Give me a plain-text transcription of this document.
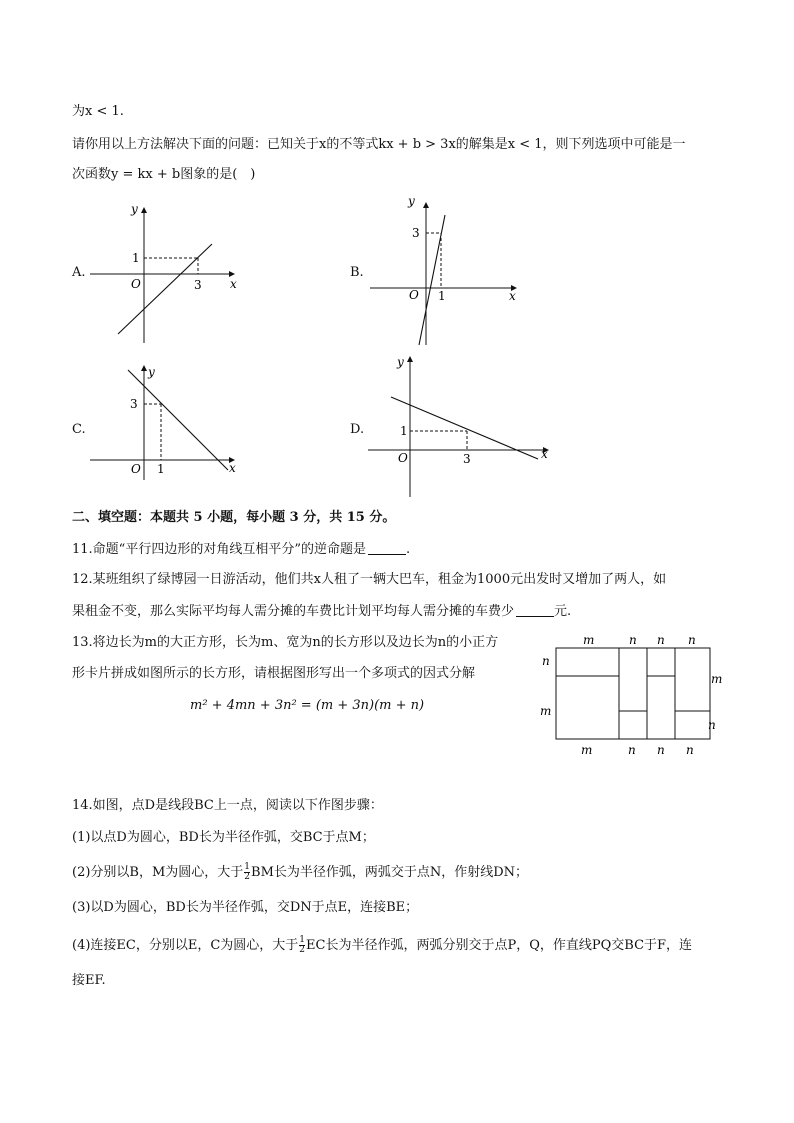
为x < 1.
请你用以上方法解决下面的问题：已知关于x的不等式kx + b > 3x的解集是x < 1，则下列选项中可能是一
次函数y = kx + b图象的是(　)
A.
y
x
O	3
1
B.
y
x
O 1
3
C.
y
x
O 1
3
D.
y
x
O	3
1
二、填空题：本题共 5 小题，每小题 3 分，共 15 分。
11.命题“平行四边形的对角线互相平分”的逆命题是	.
12.某班组织了绿博园一日游活动，他们共x人租了一辆大巴车，租金为1000元出发时又增加了两人，如
果租金不变，那么实际平均每人需分摊的车费比计划平均每人需分摊的车费少	元.
13.将边长为m的大正方形，长为m、宽为n的长方形以及边长为n的小正方
形卡片拼成如图所示的长方形，请根据图形写出一个多项式的因式分解
m² + 4mn + 3n² = (m + 3n)(m + n)
m	n n n
m	n n n
n
m
m
n
14.如图，点D是线段BC上一点，阅读以下作图步骤：
(1)以点D为圆心，BD长为半径作弧，交BC于点M；
(2)分别以B，M为圆心，大于 $\frac{1}{2}$ BM长为半径作弧，两弧交于点N，作射线DN；
(3)以D为圆心，BD长为半径作弧，交DN于点E，连接BE；
(4)连接EC，分别以E，C为圆心，大于 $\frac{1}{2}$ EC长为半径作弧，两弧分别交于点P，Q，作直线PQ交BC于F，连
接EF.
